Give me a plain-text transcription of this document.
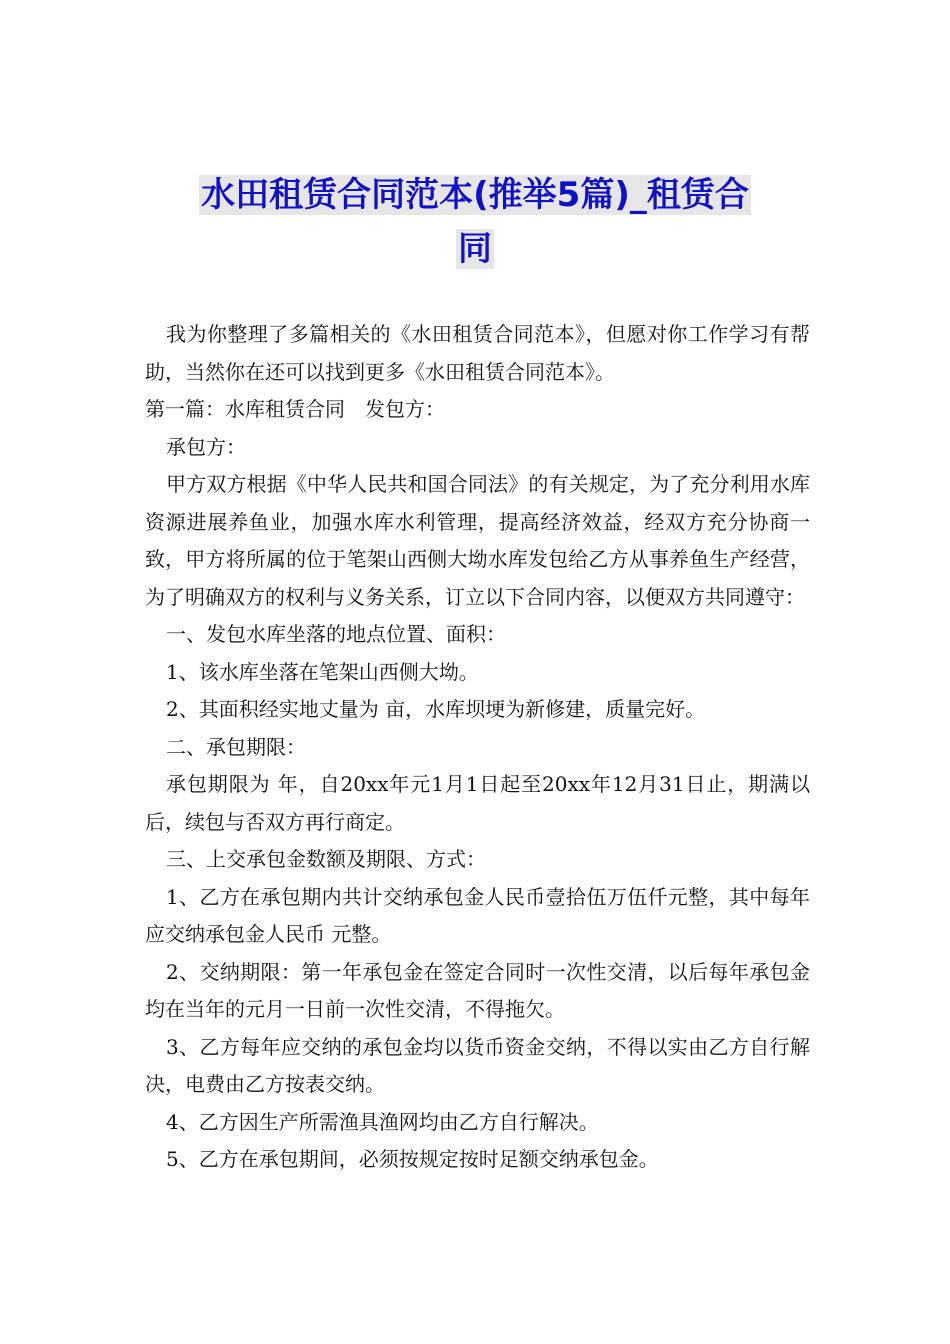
水田租赁合同范本(推举5篇)_租赁合
同

我为你整理了多篇相关的《水田租赁合同范本》，但愿对你工作学习有帮助，当然你在还可以找到更多《水田租赁合同范本》。

第一篇：水库租赁合同　发包方：

承包方：

甲方双方根据《中华人民共和国合同法》的有关规定，为了充分利用水库资源进展养鱼业，加强水库水利管理，提高经济效益，经双方充分协商一致，甲方将所属的位于笔架山西侧大坳水库发包给乙方从事养鱼生产经营，为了明确双方的权利与义务关系，订立以下合同内容，以便双方共同遵守：

一、发包水库坐落的地点位置、面积：

1、该水库坐落在笔架山西侧大坳。

2、其面积经实地丈量为 亩，水库坝埂为新修建，质量完好。

二、承包期限：

承包期限为 年，自20xx年元1月1日起至20xx年12月31日止，期满以后，续包与否双方再行商定。

三、上交承包金数额及期限、方式：

1、乙方在承包期内共计交纳承包金人民币壹拾伍万伍仟元整，其中每年应交纳承包金人民币 元整。

2、交纳期限：第一年承包金在签定合同时一次性交清，以后每年承包金均在当年的元月一日前一次性交清，不得拖欠。

3、乙方每年应交纳的承包金均以货币资金交纳，不得以实由乙方自行解决，电费由乙方按表交纳。

4、乙方因生产所需渔具渔网均由乙方自行解决。

5、乙方在承包期间，必须按规定按时足额交纳承包金。
